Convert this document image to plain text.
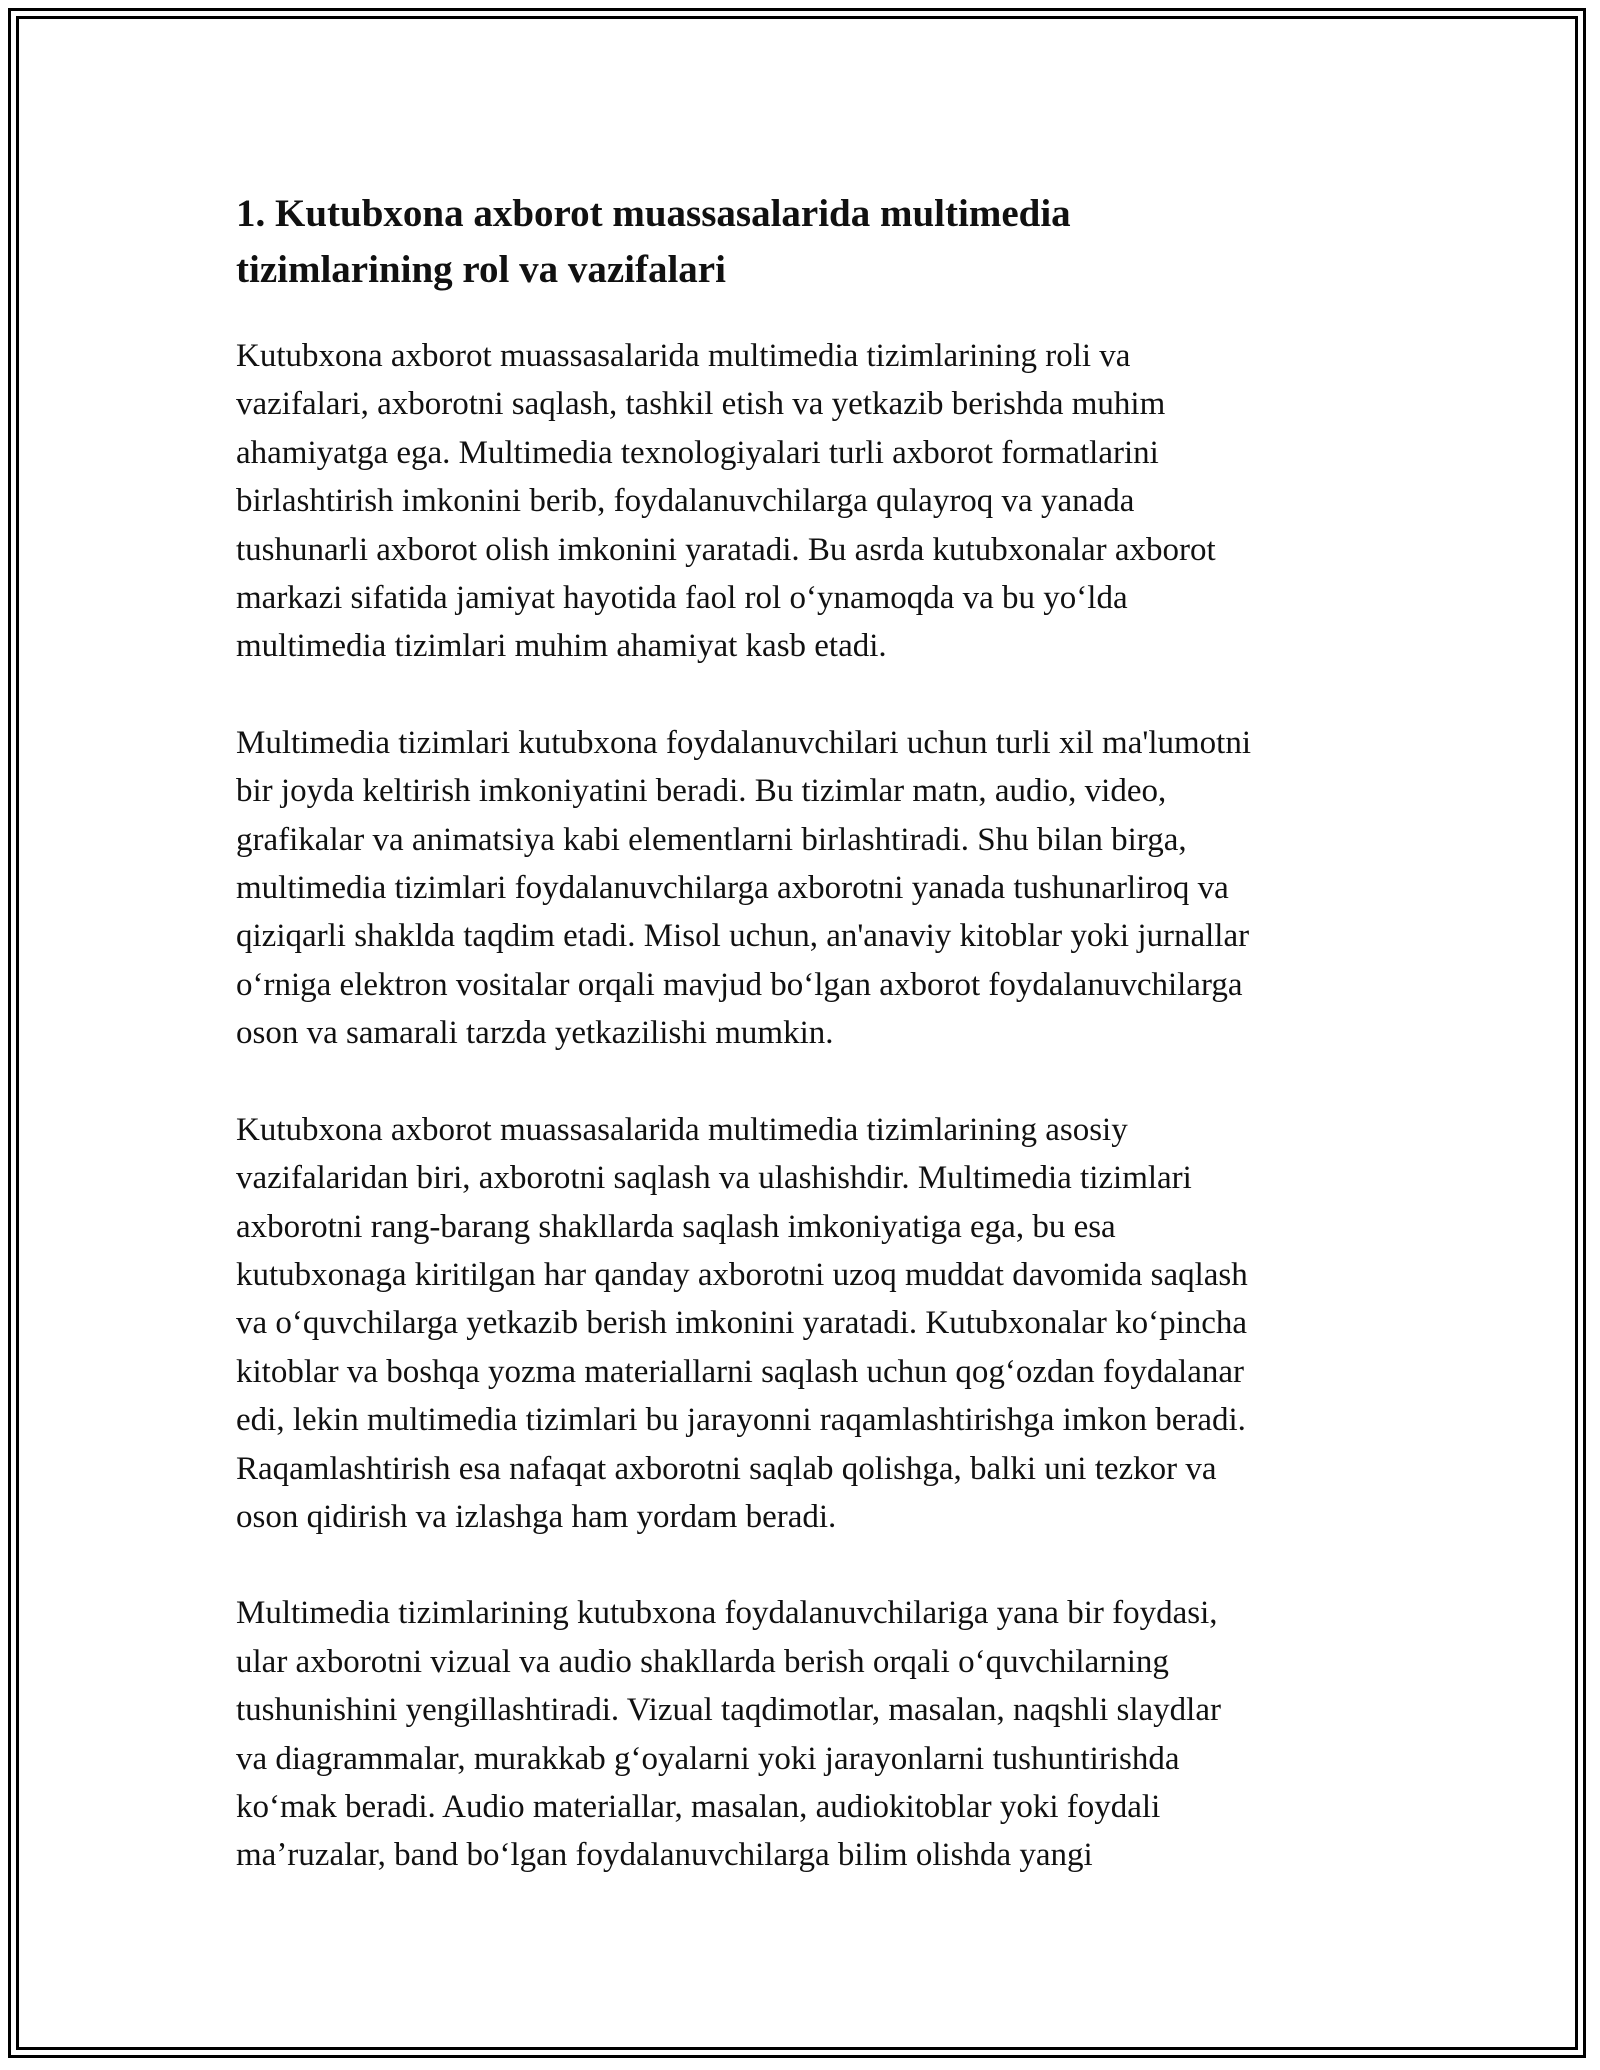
1. Kutubxona axborot muassasalarida multimedia
tizimlarining rol va vazifalari

Kutubxona axborot muassasalarida multimedia tizimlarining roli va
vazifalari, axborotni saqlash, tashkil etish va yetkazib berishda muhim
ahamiyatga ega. Multimedia texnologiyalari turli axborot formatlarini
birlashtirish imkonini berib, foydalanuvchilarga qulayroq va yanada
tushunarli axborot olish imkonini yaratadi. Bu asrda kutubxonalar axborot
markazi sifatida jamiyat hayotida faol rol oʻynamoqda va bu yoʻlda
multimedia tizimlari muhim ahamiyat kasb etadi.

Multimedia tizimlari kutubxona foydalanuvchilari uchun turli xil ma'lumotni
bir joyda keltirish imkoniyatini beradi. Bu tizimlar matn, audio, video,
grafikalar va animatsiya kabi elementlarni birlashtiradi. Shu bilan birga,
multimedia tizimlari foydalanuvchilarga axborotni yanada tushunarliroq va
qiziqarli shaklda taqdim etadi. Misol uchun, an'anaviy kitoblar yoki jurnallar
oʻrniga elektron vositalar orqali mavjud boʻlgan axborot foydalanuvchilarga
oson va samarali tarzda yetkazilishi mumkin.

Kutubxona axborot muassasalarida multimedia tizimlarining asosiy
vazifalaridan biri, axborotni saqlash va ulashishdir. Multimedia tizimlari
axborotni rang-barang shakllarda saqlash imkoniyatiga ega, bu esa
kutubxonaga kiritilgan har qanday axborotni uzoq muddat davomida saqlash
va oʻquvchilarga yetkazib berish imkonini yaratadi. Kutubxonalar koʻpincha
kitoblar va boshqa yozma materiallarni saqlash uchun qogʻozdan foydalanar
edi, lekin multimedia tizimlari bu jarayonni raqamlashtirishga imkon beradi.
Raqamlashtirish esa nafaqat axborotni saqlab qolishga, balki uni tezkor va
oson qidirish va izlashga ham yordam beradi.

Multimedia tizimlarining kutubxona foydalanuvchilariga yana bir foydasi,
ular axborotni vizual va audio shakllarda berish orqali oʻquvchilarning
tushunishini yengillashtiradi. Vizual taqdimotlar, masalan, naqshli slaydlar
va diagrammalar, murakkab gʻoyalarni yoki jarayonlarni tushuntirishda
koʻmak beradi. Audio materiallar, masalan, audiokitoblar yoki foydali
maʼruzalar, band boʻlgan foydalanuvchilarga bilim olishda yangi
